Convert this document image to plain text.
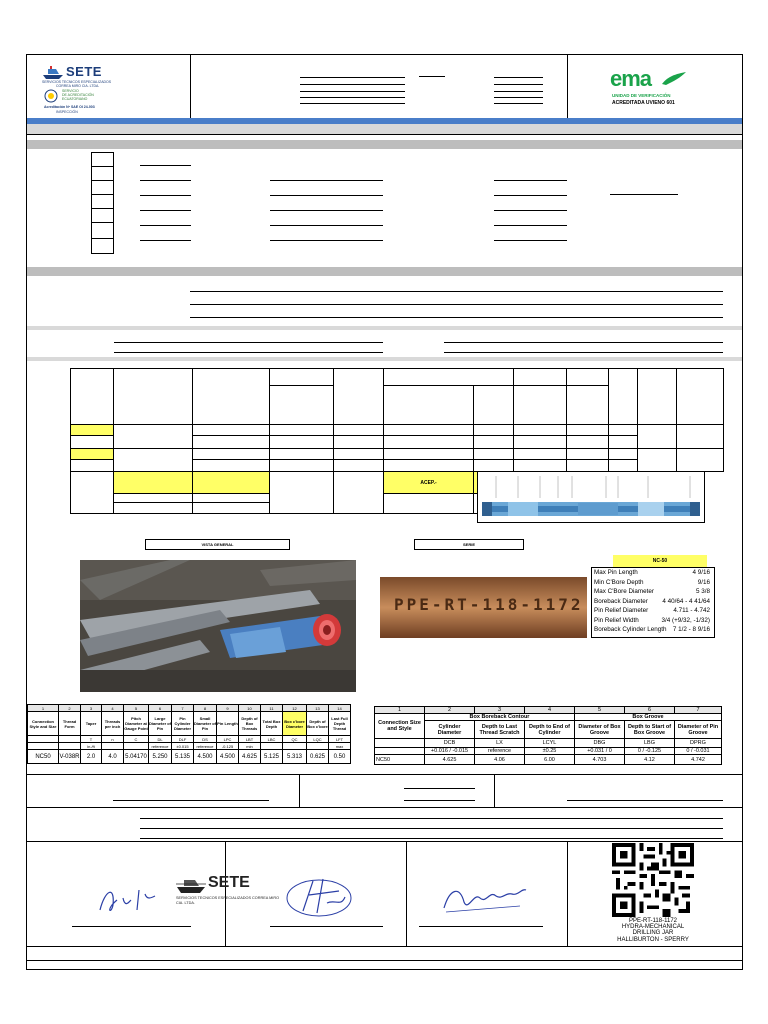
SETE
SERVICIOS TECNICOS ESPECIALIZADOS
CORREA MIRO CIA. LTDA.
SERVICIO
DE ACREDITACIÓN
ECUATORIANO
Acreditación Nº SAE OI 24-003
INSPECCIÓN
ema
UNIDAD DE VERIFICACIÓN
ACREDITADA UVIENO 601

					ACEP.-						

VISTA GENERAL	SERIE
PPE-RT-118-1172
NC-50
Max Pin Length	4 9/16
Min C'Bore Depth	9/16
Max C'Bore Diameter	5 3/8
Boreback Diameter 4 40/64 - 4 41/64
Pin Relief Diameter	4.711 - 4.742
Pin Relief Width	3/4 (+9/32, -1/32)
Boreback Cylinder Length 7 1/2 - 8 9/16
1	2	3	4	5	6	7	8	9	10	11	12	13	14
Connection Style and Size	Thread Form	Taper	Threads per inch	Pitch Diameter at Gauge Point	Large Diameter of Pin	Pin Cylinder Diameter	Small Diameter of Pin	Pin Length	Depth of Box Threads	Total Box Depth	Box c'bore Diameter	Depth of Box c'bore	Last Full Depth Thread
		T	n	C	DL	DLF	DS	LPC	LBT	LBC	QC	LQC	LFT
		in./ft			reference	±0.015	reference	-0.125	min				max
NC50	V-038R	2.0	4.0	5.04170	5.250	5.135	4.500	4.500	4.625	5.125	5.313	0.625	0.50
1	2	3	4	5	6	7
Connection Size and Style	Box Boreback Contour			Box Groove		
	Cylinder Diameter	Depth to Last Thread Scratch	Depth to End of Cylinder	Diameter of Box Groove	Depth to Start of Box Groove	Diameter of Pin Groove
	DCB	LX	LCYL	DBG	LBG	DPRG
	+0.016 / -0.015	reference	±0.25	+0.031 / 0	0 / -0.125	0 / -0.031
NC50	4.625	4.06	6.00	4.703	4.12	4.742
SETE
SERVICIOS TECNICOS ESPECIALIZADOS CORREA MIRO CIA. LTDA.
PPE-RT-118-1172
HYDRA-MECHANICAL
DRILLING JAR
HALLIBURTON - SPERRY
